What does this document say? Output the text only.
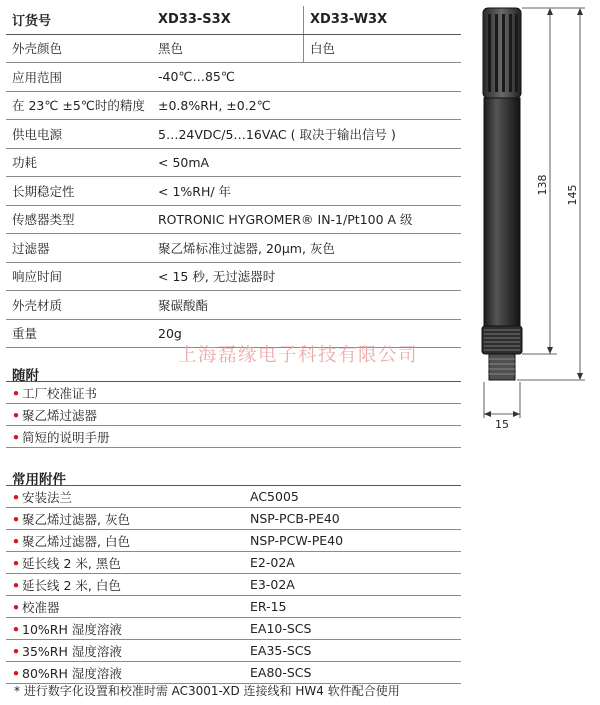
订货号	XD33-S3X	XD33-W3X
外壳颜色	黑色	白色
应用范围	-40℃…85℃	
在 23℃ ±5℃时的精度	±0.8%RH, ±0.2℃	
供电电源	5…24VDC/5…16VAC ( 取决于输出信号 )	
功耗	< 50mA	
长期稳定性	< 1%RH/ 年	
传感器类型	ROTRONIC HYGROMER® IN-1/Pt100 A 级	
过滤器	聚乙烯标准过滤器, 20μm, 灰色	
响应时间	< 15 秒, 无过滤器时	
外壳材质	聚碳酸酯	
重量	20g	
上海磊缘电子科技有限公司
随附
• 工厂校准证书	
• 聚乙烯过滤器	
• 简短的说明手册	
常用附件
• 安装法兰	AC5005
• 聚乙烯过滤器, 灰色	NSP-PCB-PE40
• 聚乙烯过滤器, 白色	NSP-PCW-PE40
• 延长线 2 米, 黑色	E2-02A
• 延长线 2 米, 白色	E3-02A
• 校准器	ER-15
• 10%RH 湿度溶液	EA10-SCS
• 35%RH 湿度溶液	EA35-SCS
• 80%RH 湿度溶液	EA80-SCS
* 进行数字化设置和校准时需 AC3001-XD 连接线和 HW4 软件配合使用
138 145
15
